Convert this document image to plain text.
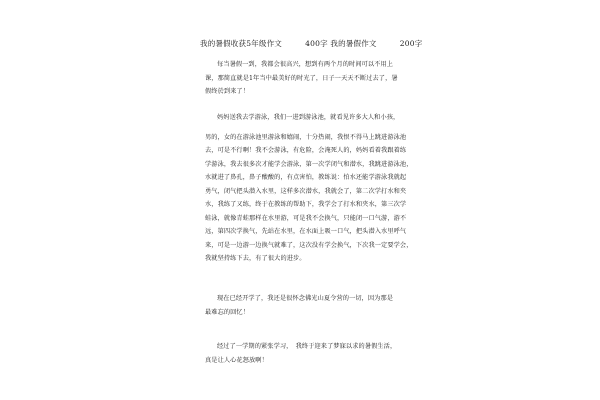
我的暑假收获5年级作文	400字 我的暑假作文	200字
每当暑假一到，我都会很高兴，想到有两个月的时间可以不用上
课，那简直就是1年当中最美好的时光了，日子一天天不断过去了，暑
假终於到来了！
妈妈送我去学游泳，我们一进到游泳池，就看见许多大人和小孩，
男的，女的在游泳池里游泳和嬉闹，十分热闹，我恨不得马上跳进游泳池
去，可是不行啊！我不会游泳，有危险，会淹死人的，妈妈看着我跟着练
学游泳，我去很多次才能学会游泳，第一次学闭气和潜水，我跳进游泳池，
水就进了鼻孔，鼻子酸酸的，有点害怕，教练说：怕水还能学游泳我就起
勇气，闭气把头潜入水里，这样多次潜水，我就会了，第二次学打水和夹
水，我练了又练，终于在教练的帮助下，我学会了打水和夹水，第三次学
蛙泳，就像青蛙那样在水里游，可是我不会换气，只能闭一口气游，游不
远，第四次学换气，先站在水里，在水面上吸一口气，把头潜入水里呼气
来，可是一边游一边换气就难了，这次没有学会换气，下次我一定要学会，
我就坚持练下去，有了很大的进步。
现在已经开学了，我还是很怀念佛光山夏令营的一切，因为那是
最难忘的回忆！
经过了一学期的紧张学习，　我终于迎来了梦寐以求的暑假生活，
真是让人心花怒放啊！
